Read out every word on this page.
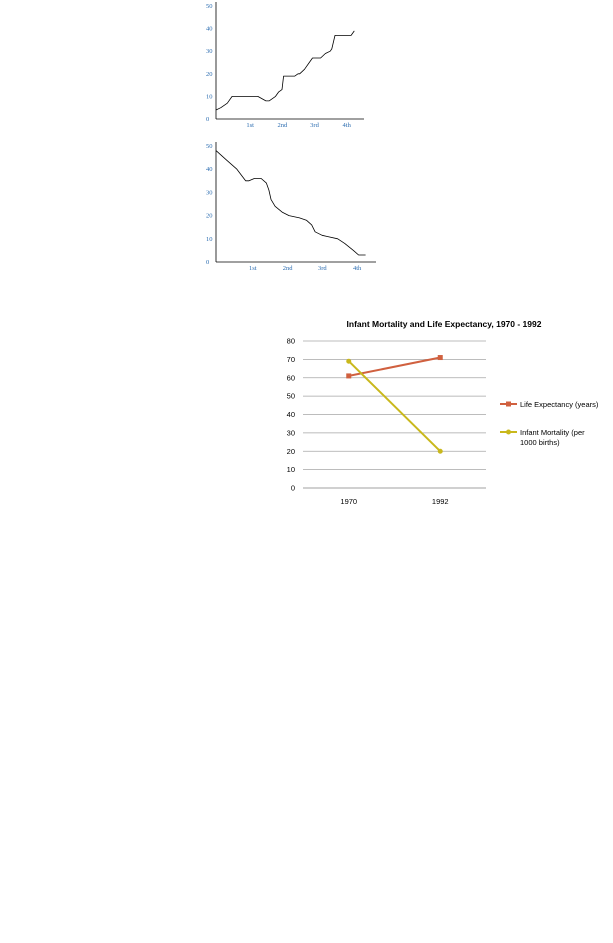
0
10
20
30
40
50
1st	2nd	3rd	4th
0
10
20
30
40
50
1st	2nd	3rd	4th
Infant Mortality and Life Expectancy, 1970 - 1992
0
10
20
30
40
50
60
70
80
1970	1992
Life Expectancy (years)
Infant Mortality (per
1000 births)
